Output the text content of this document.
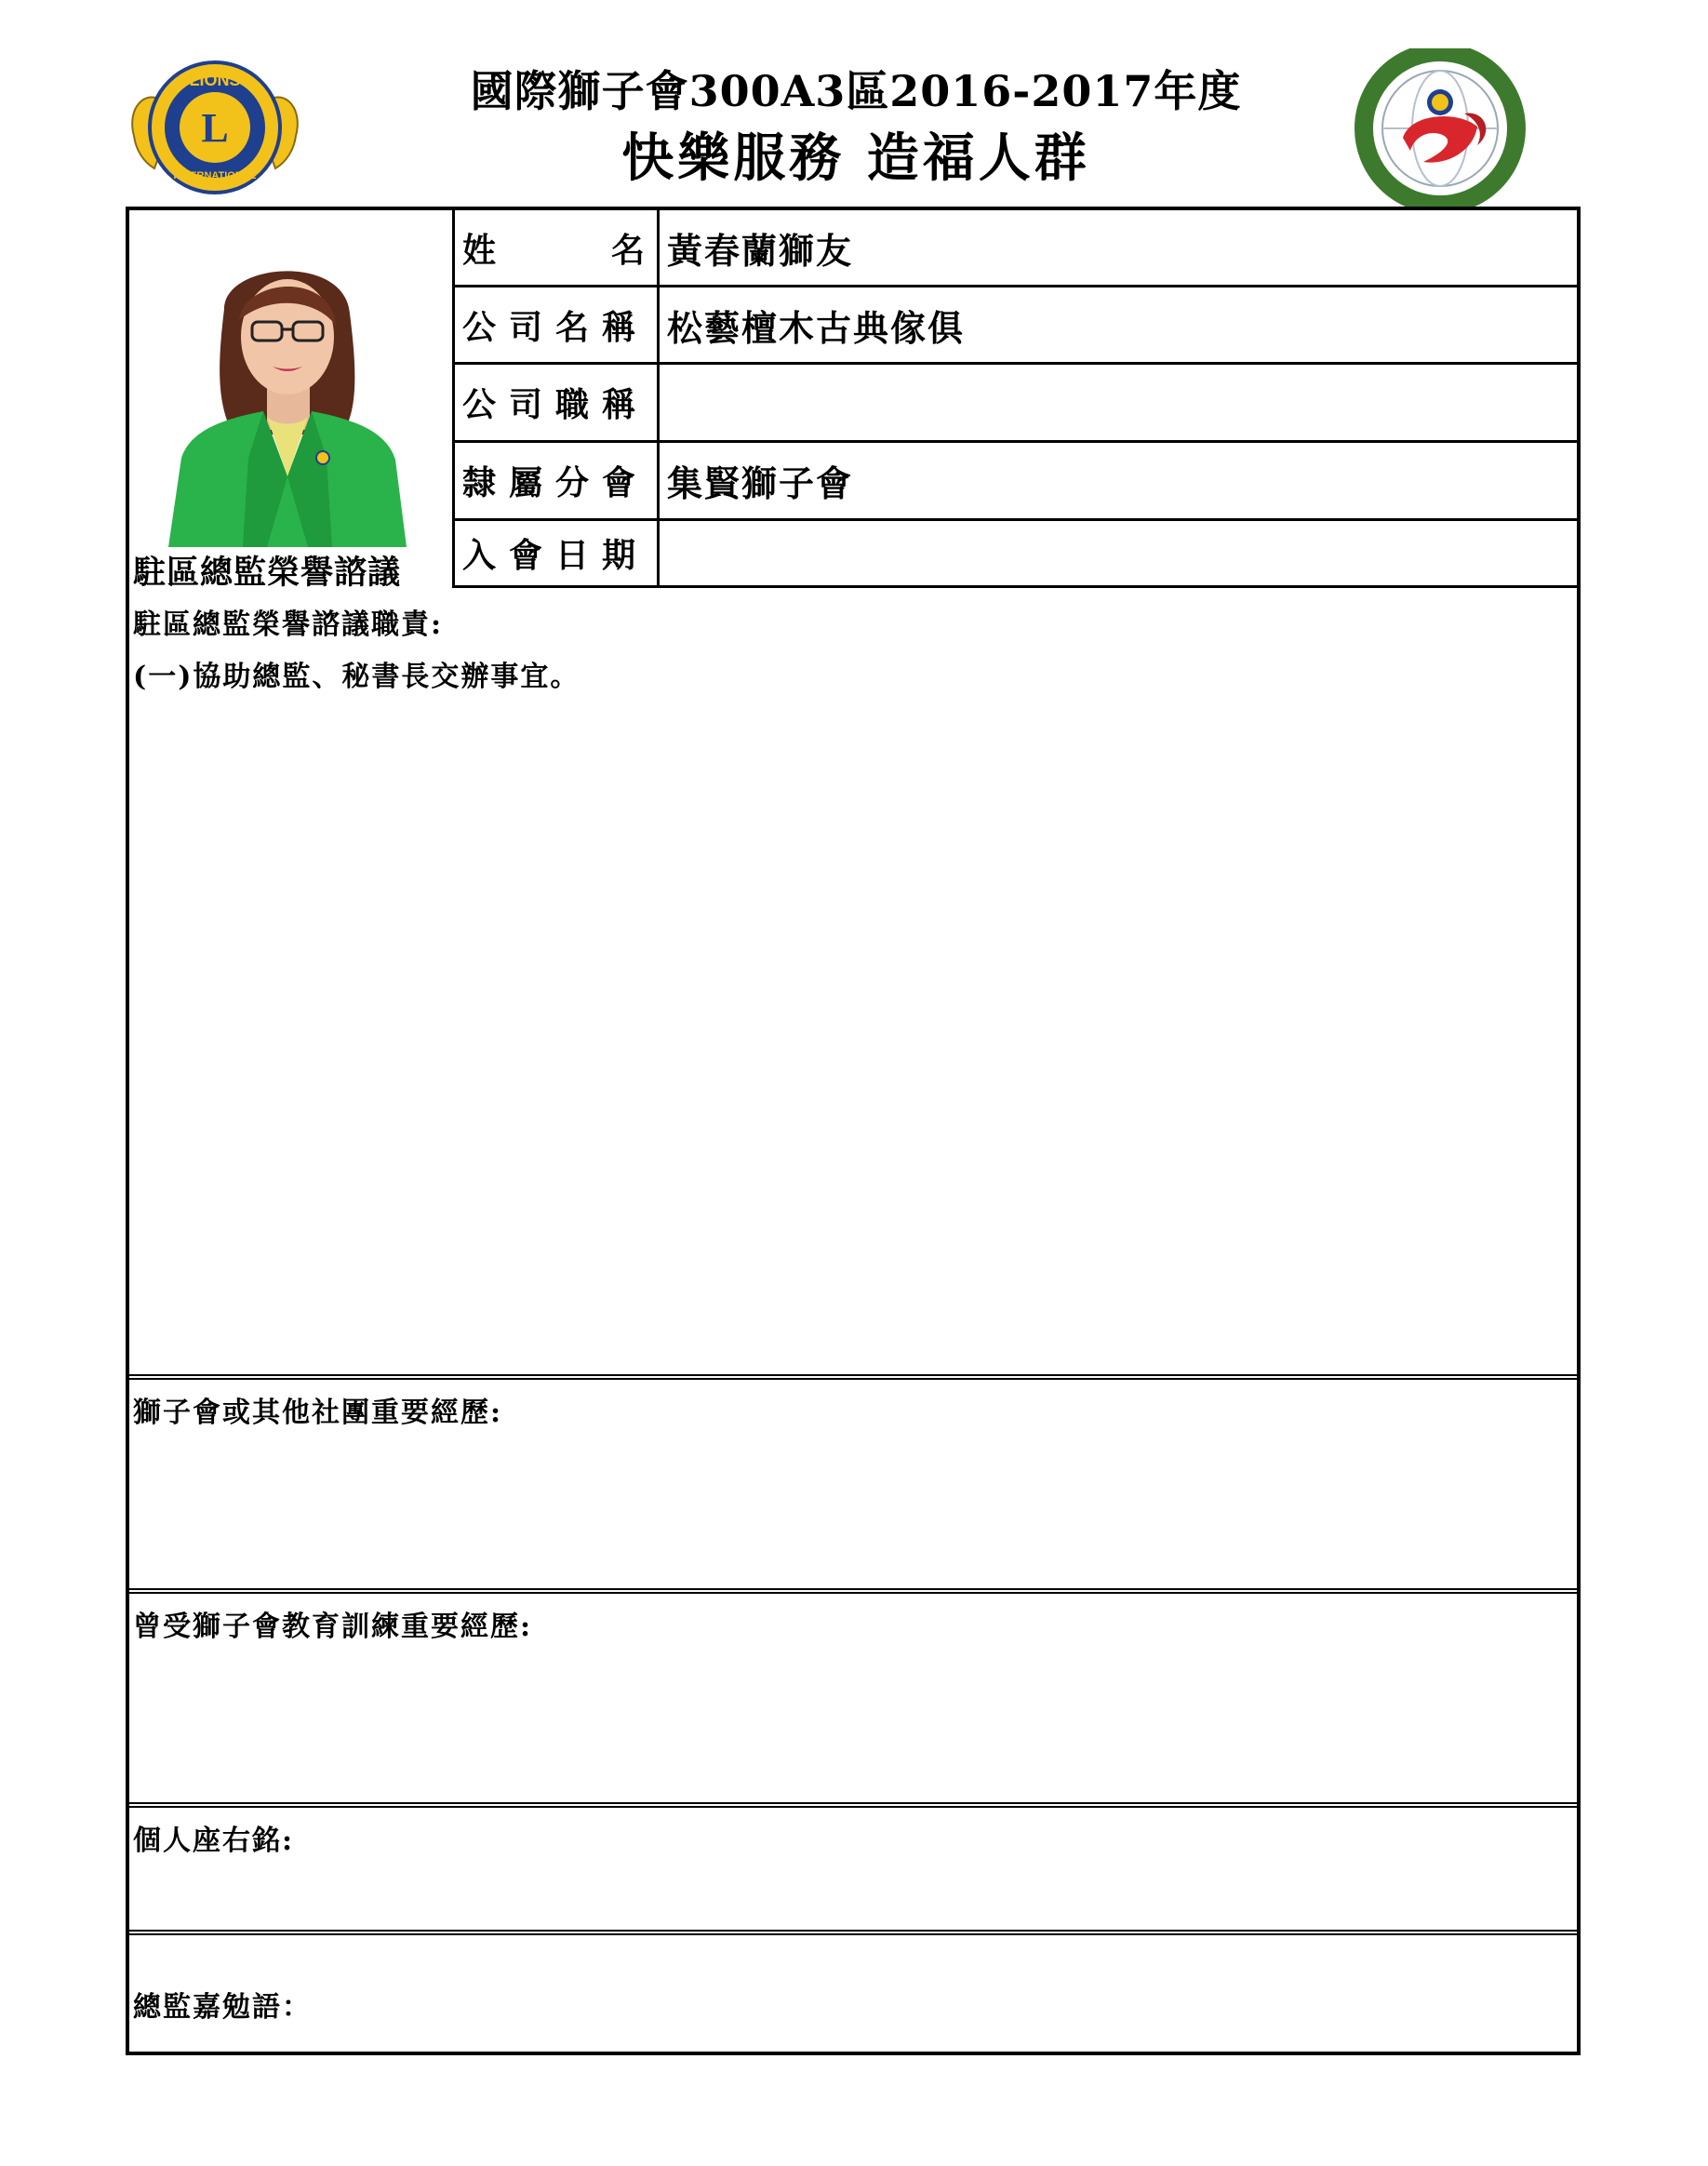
L
LIONS
INTERNATIONAL
國際獅子會300A3區2016-2017年度
快樂服務 造福人群
駐區總監榮譽諮議
姓	名 黃春蘭獅友
公司名稱 松藝檀木古典傢俱
公司職稱
隸屬分會 集賢獅子會
入會日期
駐區總監榮譽諮議職責:
(一)協助總監、秘書長交辦事宜。
獅子會或其他社團重要經歷:
曾受獅子會教育訓練重要經歷:
個人座右銘:
總監嘉勉語：
